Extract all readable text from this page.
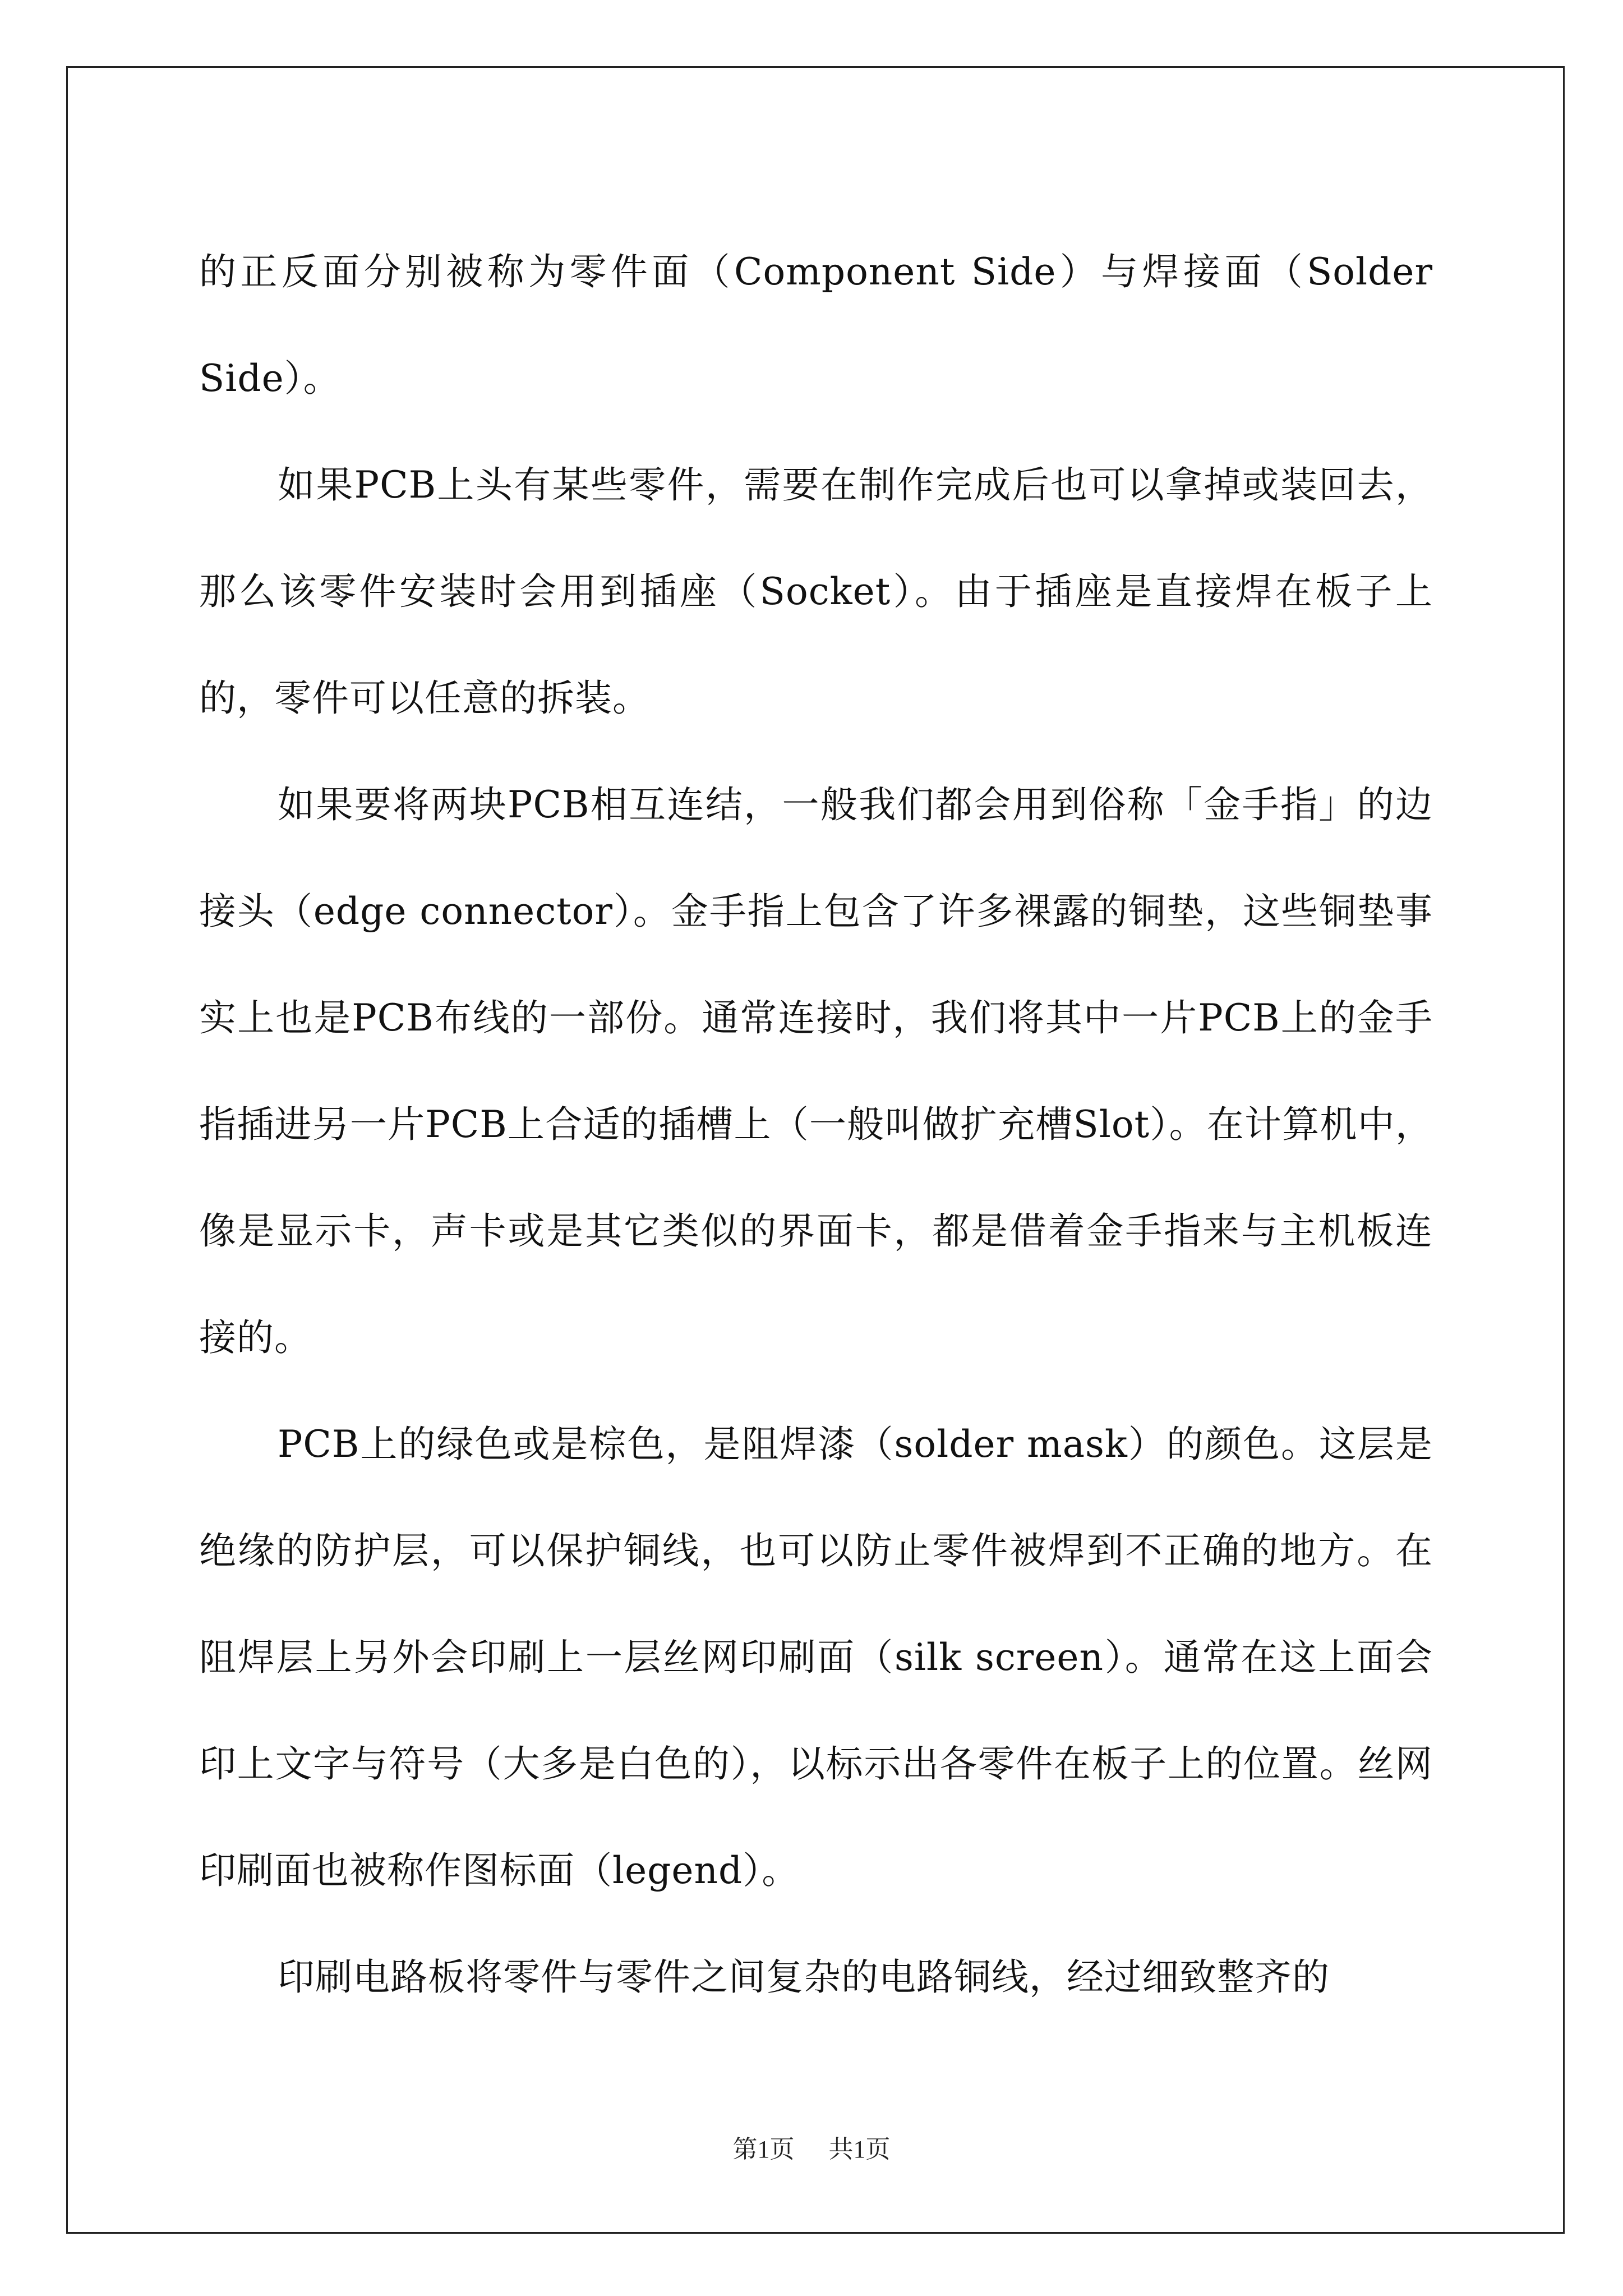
的正反面分别被称为零件面（Component Side）与焊接面（Solder Side）。

如果PCB上头有某些零件，需要在制作完成后也可以拿掉或装回去，那么该零件安装时会用到插座（Socket）。由于插座是直接焊在板子上的，零件可以任意的拆装。

如果要将两块PCB相互连结，一般我们都会用到俗称「金手指」的边接头（edge connector）。金手指上包含了许多裸露的铜垫，这些铜垫事实上也是PCB布线的一部份。通常连接时，我们将其中一片PCB上的金手指插进另一片PCB上合适的插槽上（一般叫做扩充槽Slot）。在计算机中，像是显示卡，声卡或是其它类似的界面卡，都是借着金手指来与主机板连接的。

PCB上的绿色或是棕色，是阻焊漆（solder mask）的颜色。这层是绝缘的防护层，可以保护铜线，也可以防止零件被焊到不正确的地方。在阻焊层上另外会印刷上一层丝网印刷面（silk screen）。通常在这上面会印上文字与符号（大多是白色的），以标示出各零件在板子上的位置。丝网印刷面也被称作图标面（legend）。

印刷电路板将零件与零件之间复杂的电路铜线，经过细致整齐的

第1页 共1页
